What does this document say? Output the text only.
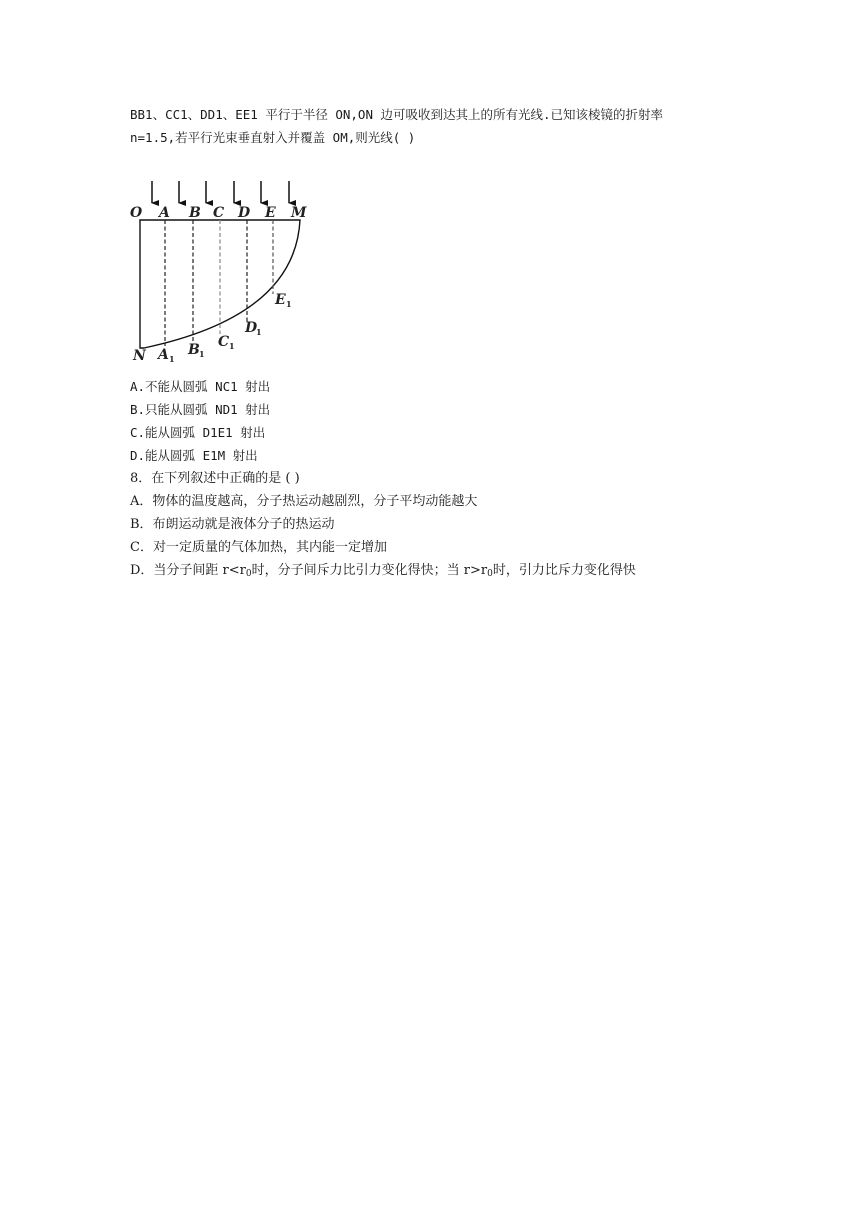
BB1、CC1、DD1、EE1 平行于半径 ON,ON 边可吸收到达其上的所有光线.已知该棱镜的折射率
n=1.5,若平行光束垂直射入并覆盖 OM,则光线( )
O A B C D E M
N A 1
B 1
C 1
D
1
E 1
A.不能从圆弧 NC1 射出
B.只能从圆弧 ND1 射出
C.能从圆弧 D1E1 射出
D.能从圆弧 E1M 射出
8．在下列叙述中正确的是 ( )
A．物体的温度越高，分子热运动越剧烈，分子平均动能越大
B．布朗运动就是液体分子的热运动
C．对一定质量的气体加热，其内能一定增加
D．当分子间距 $r<r_0$时，分子间斥力比引力变化得快；当 $r>r_0$时，引力比斥力变化得快
